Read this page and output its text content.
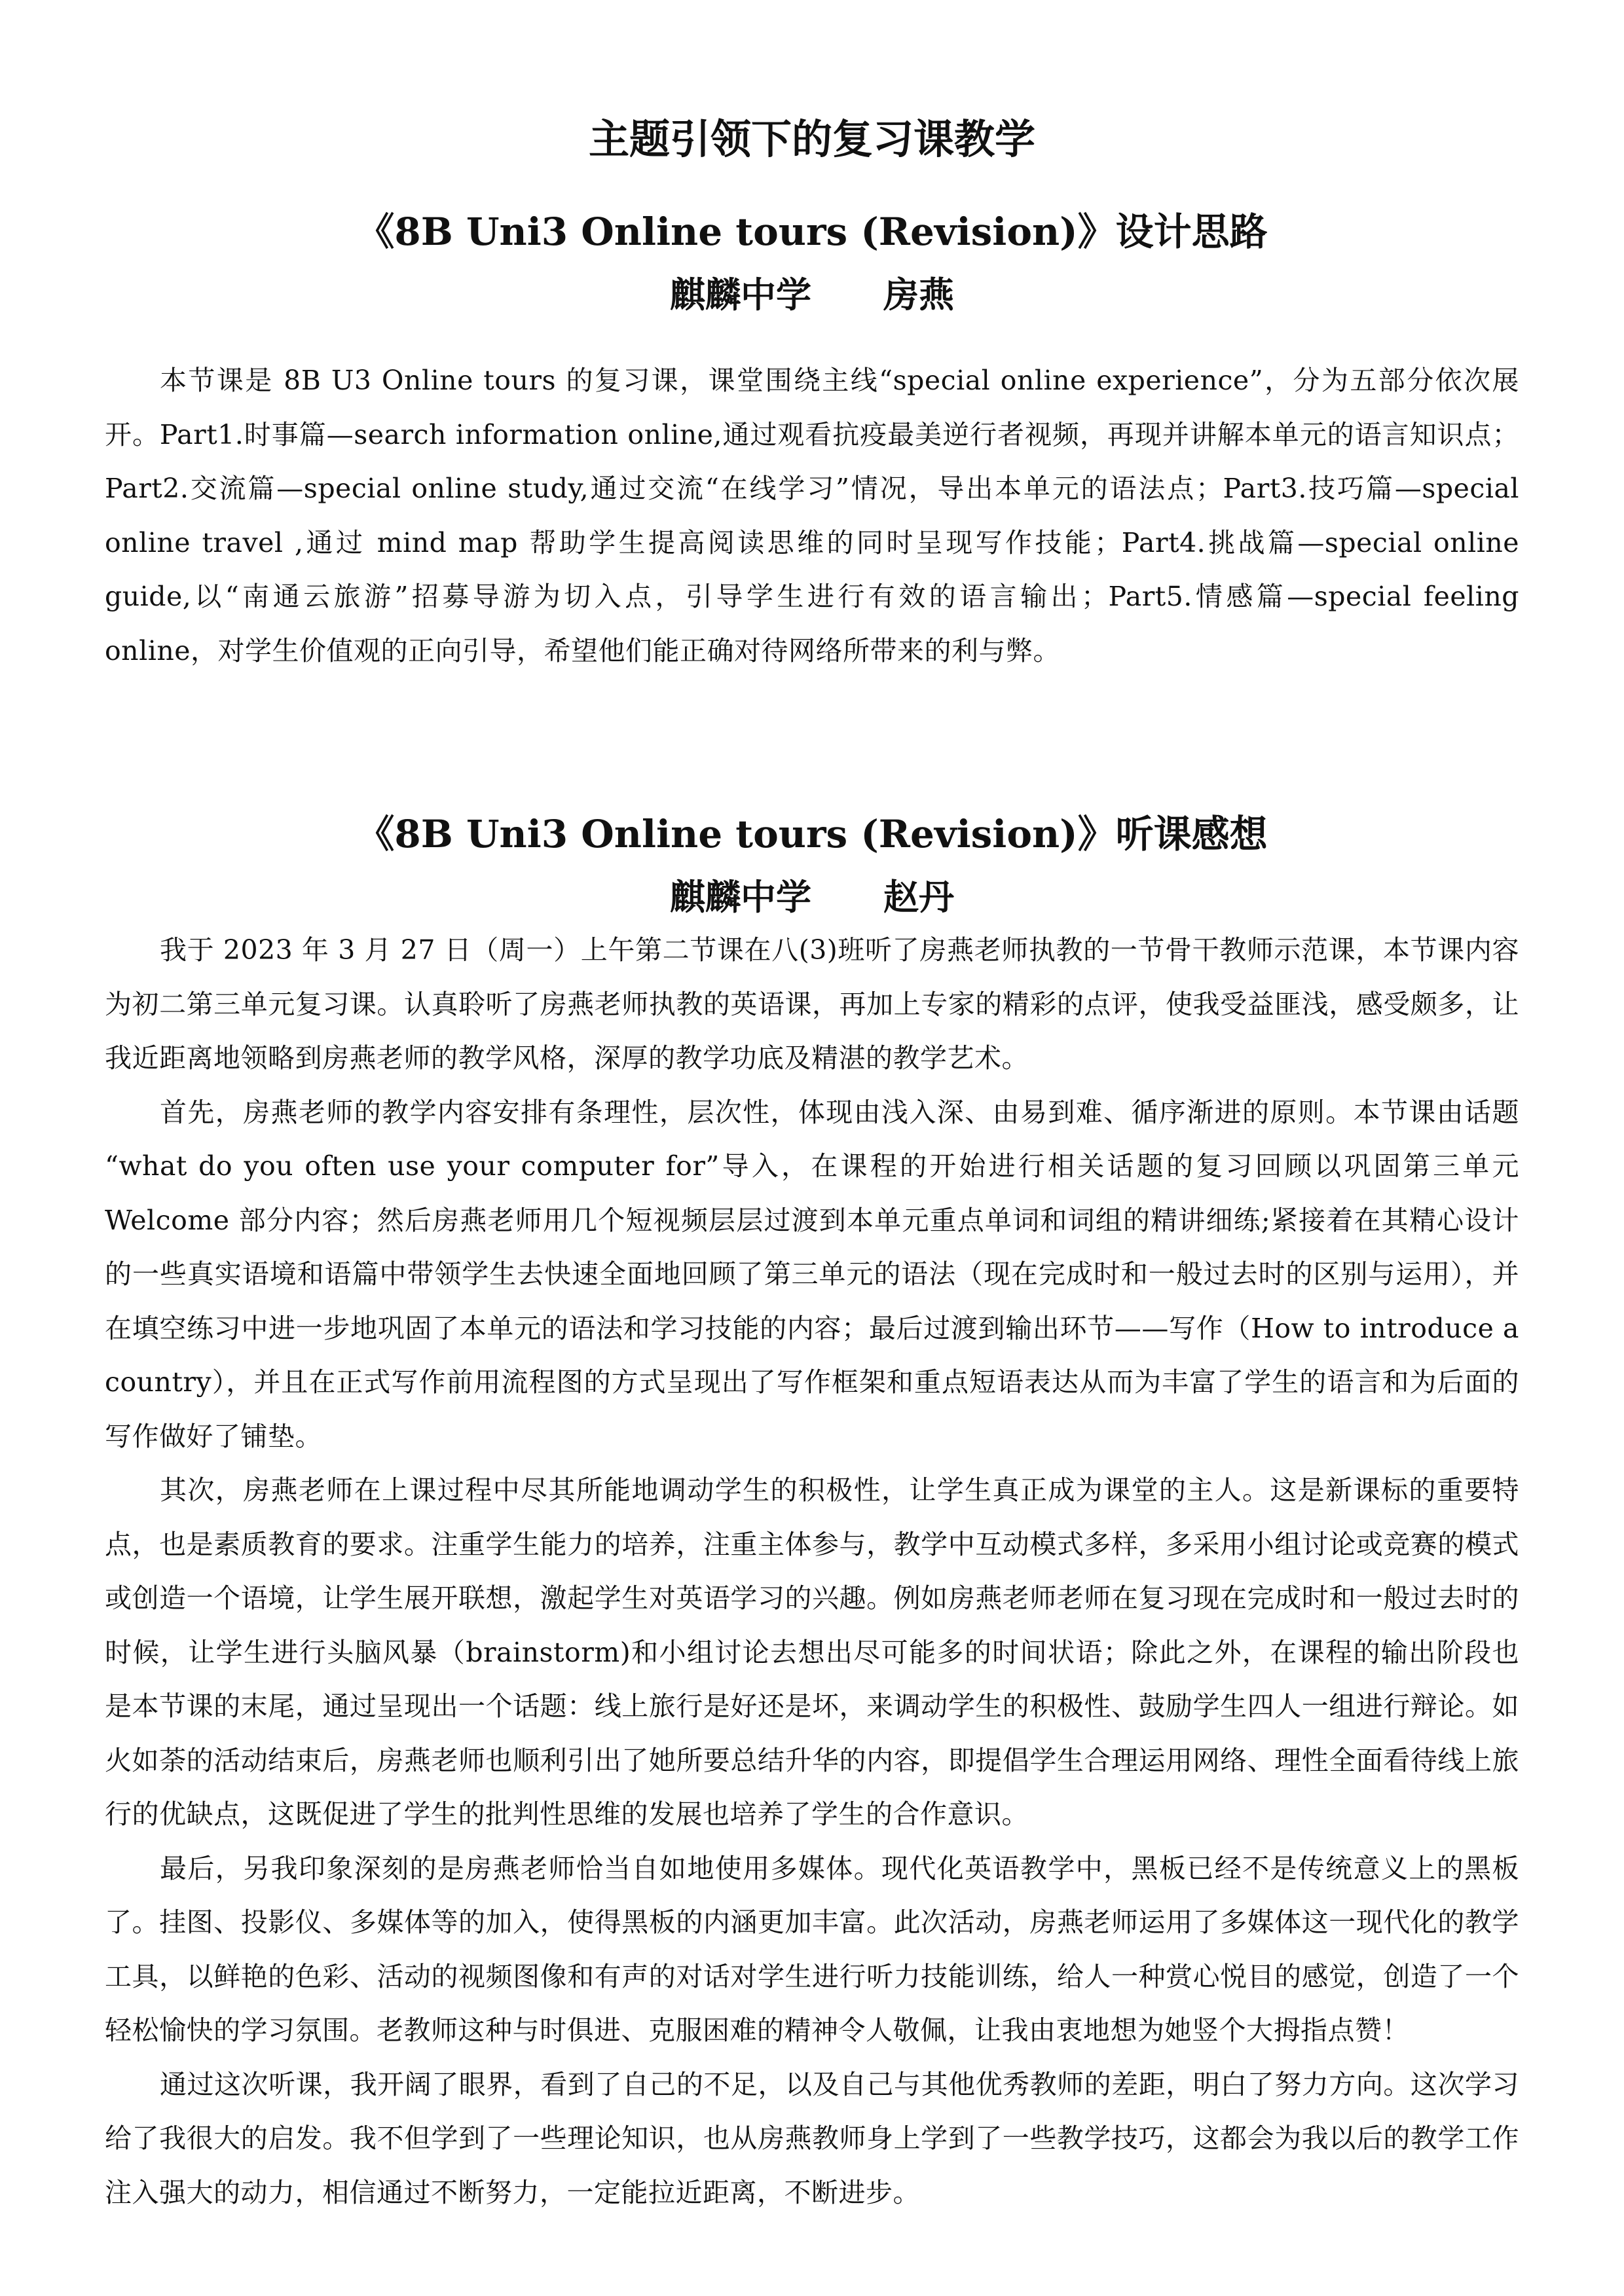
主题引领下的复习课教学
《8B Uni3 Online tours (Revision)》设计思路
麒麟中学 房燕

本节课是 8B U3 Online tours 的复习课，课堂围绕主线“special online experience”，分为五部分依次展开。Part1.时事篇—search information online,通过观看抗疫最美逆行者视频，再现并讲解本单元的语言知识点；Part2.交流篇—special online study,通过交流“在线学习”情况，导出本单元的语法点；Part3.技巧篇—special online travel ,通过 mind map 帮助学生提高阅读思维的同时呈现写作技能；Part4.挑战篇—special online guide,以“南通云旅游”招募导游为切入点，引导学生进行有效的语言输出；Part5.情感篇—special feeling online，对学生价值观的正向引导，希望他们能正确对待网络所带来的利与弊。

《8B Uni3 Online tours (Revision)》听课感想
麒麟中学 赵丹

我于 2023 年 3 月 27 日（周一）上午第二节课在八(3)班听了房燕老师执教的一节骨干教师示范课，本节课内容为初二第三单元复习课。认真聆听了房燕老师执教的英语课，再加上专家的精彩的点评，使我受益匪浅，感受颇多，让我近距离地领略到房燕老师的教学风格，深厚的教学功底及精湛的教学艺术。

首先，房燕老师的教学内容安排有条理性，层次性，体现由浅入深、由易到难、循序渐进的原则。本节课由话题 “what do you often use your computer for”导入，在课程的开始进行相关话题的复习回顾以巩固第三单元 Welcome 部分内容；然后房燕老师用几个短视频层层过渡到本单元重点单词和词组的精讲细练;紧接着在其精心设计的一些真实语境和语篇中带领学生去快速全面地回顾了第三单元的语法（现在完成时和一般过去时的区别与运用），并在填空练习中进一步地巩固了本单元的语法和学习技能的内容；最后过渡到输出环节——写作（How to introduce a country），并且在正式写作前用流程图的方式呈现出了写作框架和重点短语表达从而为丰富了学生的语言和为后面的写作做好了铺垫。

其次，房燕老师在上课过程中尽其所能地调动学生的积极性，让学生真正成为课堂的主人。这是新课标的重要特点，也是素质教育的要求。注重学生能力的培养，注重主体参与，教学中互动模式多样，多采用小组讨论或竞赛的模式或创造一个语境，让学生展开联想，激起学生对英语学习的兴趣。例如房燕老师老师在复习现在完成时和一般过去时的时候，让学生进行头脑风暴（brainstorm)和小组讨论去想出尽可能多的时间状语；除此之外，在课程的输出阶段也是本节课的末尾，通过呈现出一个话题：线上旅行是好还是坏，来调动学生的积极性、鼓励学生四人一组进行辩论。如火如荼的活动结束后，房燕老师也顺利引出了她所要总结升华的内容，即提倡学生合理运用网络、理性全面看待线上旅行的优缺点，这既促进了学生的批判性思维的发展也培养了学生的合作意识。

最后，另我印象深刻的是房燕老师恰当自如地使用多媒体。现代化英语教学中，黑板已经不是传统意义上的黑板了。挂图、投影仪、多媒体等的加入，使得黑板的内涵更加丰富。此次活动，房燕老师运用了多媒体这一现代化的教学工具，以鲜艳的色彩、活动的视频图像和有声的对话对学生进行听力技能训练，给人一种赏心悦目的感觉，创造了一个轻松愉快的学习氛围。老教师这种与时俱进、克服困难的精神令人敬佩，让我由衷地想为她竖个大拇指点赞！

通过这次听课，我开阔了眼界，看到了自己的不足，以及自己与其他优秀教师的差距，明白了努力方向。这次学习给了我很大的启发。我不但学到了一些理论知识，也从房燕教师身上学到了一些教学技巧，这都会为我以后的教学工作注入强大的动力，相信通过不断努力，一定能拉近距离，不断进步。
